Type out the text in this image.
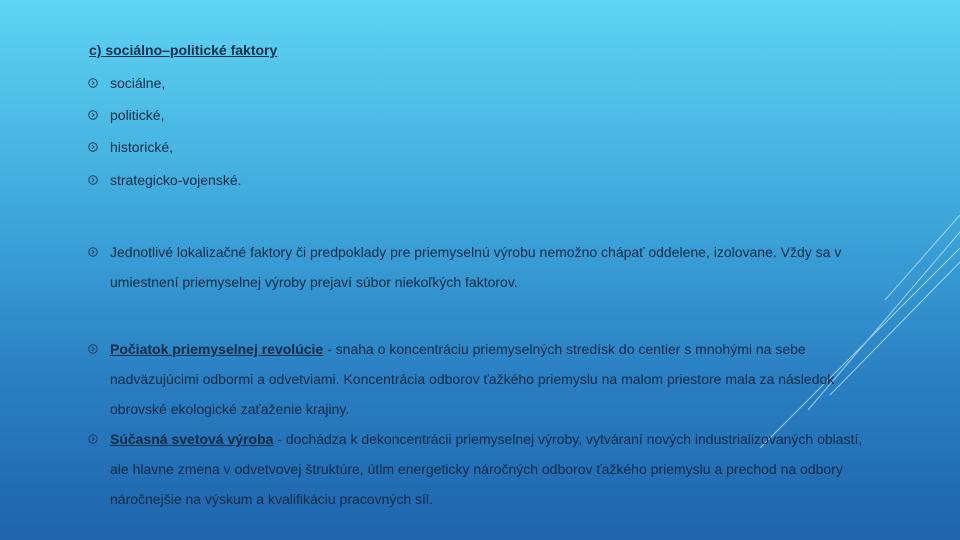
c) sociálno–politické faktory
sociálne,
politické,
historické,
strategicko-vojenské.
Jednotlivé lokalizačné faktory či predpoklady pre priemyselnú výrobu nemožno chápať oddelene, izolovane. Vždy sa v umiestnení priemyselnej výroby prejaví súbor niekoľkých faktorov.
Počiatok priemyselnej revolúcie - snaha o koncentráciu priemyselných stredísk do centier s mnohými na sebe nadväzujúcimi odbormi a odvetviami. Koncentrácia odborov ťažkého priemyslu na malom priestore mala za následok obrovské ekologické zaťaženie krajiny.
Súčasná svetová výroba - dochádza k dekoncentrácii priemyselnej výroby, vytváraní nových industrializovaných oblastí, ale hlavne zmena v odvetvovej štruktúre, útlm energeticky náročných odborov ťažkého priemyslu a prechod na odbory náročnejšie na výskum a kvalifikáciu pracovných síl.
